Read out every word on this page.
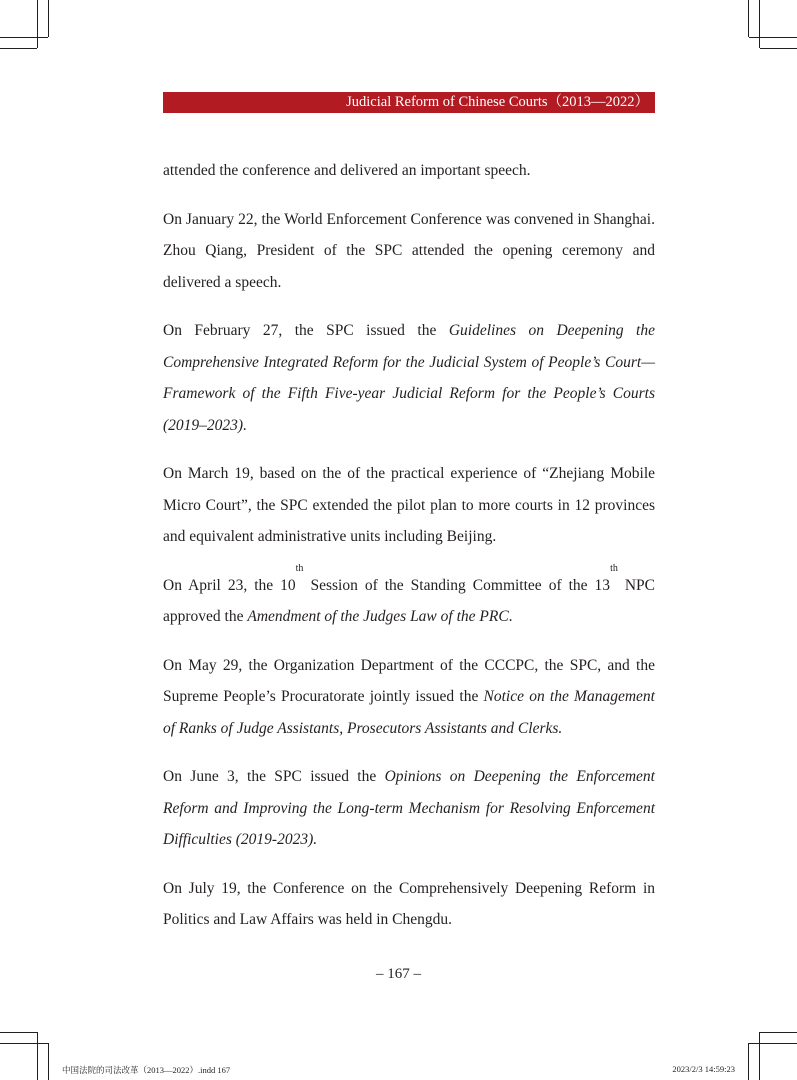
Judicial Reform of Chinese Courts（2013—2022）

attended the conference and delivered an important speech.

On January 22, the World Enforcement Conference was convened in Shanghai. Zhou Qiang, President of the SPC attended the opening ceremony and delivered a speech.

On February 27, the SPC issued the Guidelines on Deepening the Comprehensive Integrated Reform for the Judicial System of People’s Court— Framework of the Fifth Five-year Judicial Reform for the People’s Courts (2019–2023).

On March 19, based on the of the practical experience of “Zhejiang Mobile Micro Court”, the SPC extended the pilot plan to more courts in 12 provinces and equivalent administrative units including Beijing.

On April 23, the 10th Session of the Standing Committee of the 13th NPC approved the Amendment of the Judges Law of the PRC.

On May 29, the Organization Department of the CCCPC, the SPC, and the Supreme People’s Procuratorate jointly issued the Notice on the Management of Ranks of Judge Assistants, Prosecutors Assistants and Clerks.

On June 3, the SPC issued the Opinions on Deepening the Enforcement Reform and Improving the Long-term Mechanism for Resolving Enforcement Difficulties (2019-2023).

On July 19, the Conference on the Comprehensively Deepening Reform in Politics and Law Affairs was held in Chengdu.

– 167 –
中国法院的司法改革（2013—2022）.indd 167	2023/2/3 14:59:23
